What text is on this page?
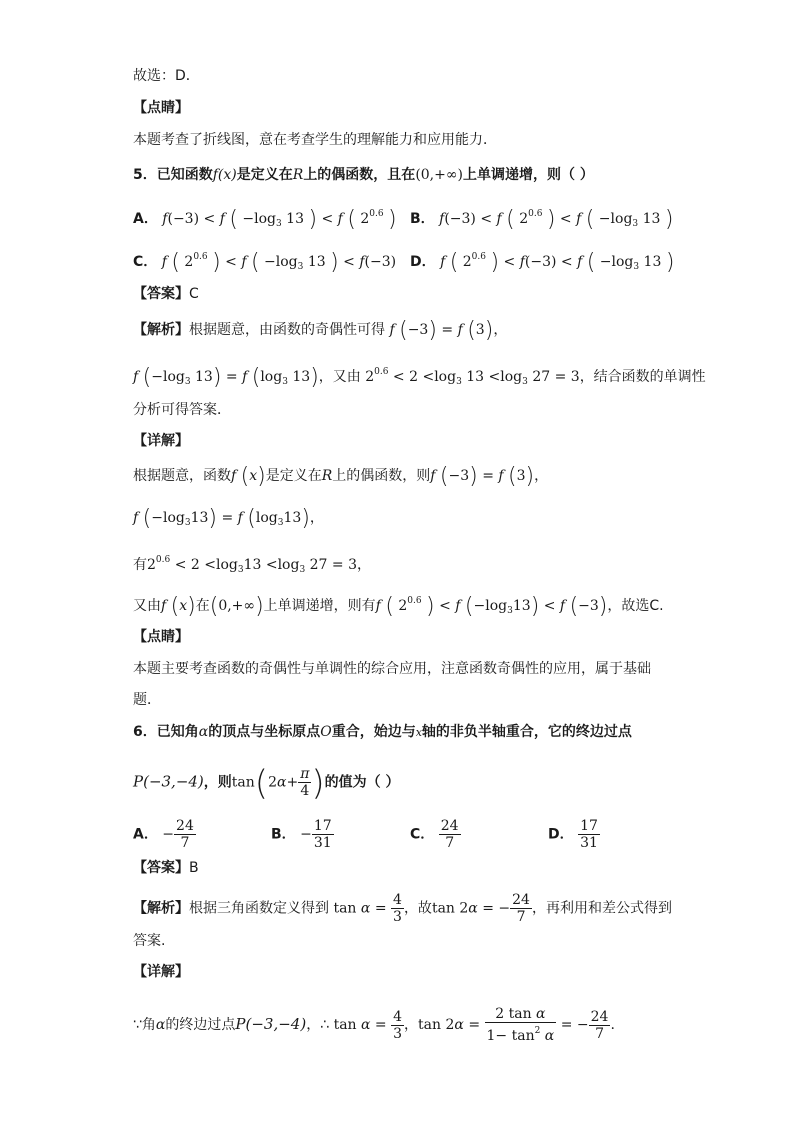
故选：D．
【点睛】
本题考查了折线图，意在考查学生的理解能力和应用能力．
5．已知函数f(x)是定义在R上的偶函数，且在(0,+∞)上单调递增，则（ ）
A． f(−3) < f ( $-\log_3$ 13 ) < f ( $2^{0.6}$ ) B． f(−3) < f ( $2^{0.6}$ ) < f ( $-\log_3$ 13 )
C． f ( $2^{0.6}$ ) < f ( $-\log_3$ 13 ) < f(−3) D． f ( $2^{0.6}$ ) < f(−3) < f ( $-\log_3$ 13 )
【答案】C
【解析】根据题意，由函数的奇偶性可得 f (−3) = f (3)，
f ($-\log_3$ 13) = f ($\log_3$ 13)，又由 $2^{0.6} < 2 <\log_3$ $13 <\log_3$ 27 = 3，结合函数的单调性
分析可得答案．
【详解】
根据题意，函数f (x)是定义在R上的偶函数，则f (−3) = f (3)，
f $(-\log_313) = f$ $(\log_313)$，
有$2^{0.6} < 2 <\log_313 <\log_3$ 27 = 3，
又由f (x)在(0,+∞)上单调递增，则有f ( $2^{0.6}$ ) < f $(-\log_313) < f$ (−3)，故选C.
【点睛】
本题主要考查函数的奇偶性与单调性的综合应用，注意函数奇偶性的应用，属于基础
题．
6．已知角α的顶点与坐标原点O重合，始边与x轴的非负半轴重合，它的终边过点
P(−3,−4)，则$\tan(2\alpha+ \frac{\pi}{4}$ )的值为（ ）
A． − $\frac{24}{7}$	B． − $\frac{17}{31}$	C． $\frac{24}{7}$	D． $\frac{17}{31}$
【答案】B
【解析】根据三角函数定义得到 $\tan \alpha = \frac{4}{3}$ ，故tan 2α = − $\frac{24}{7}$ ，再利用和差公式得到
答案.
【详解】
∵角α的终边过点P(−3,−4)，∴ $\tan \alpha = \frac{4}{3}$ ，$\tan 2\alpha = \frac{\text{2 tan α}}{1- \tan^2 \alpha}$ = − $\frac{24}{7}$ .
